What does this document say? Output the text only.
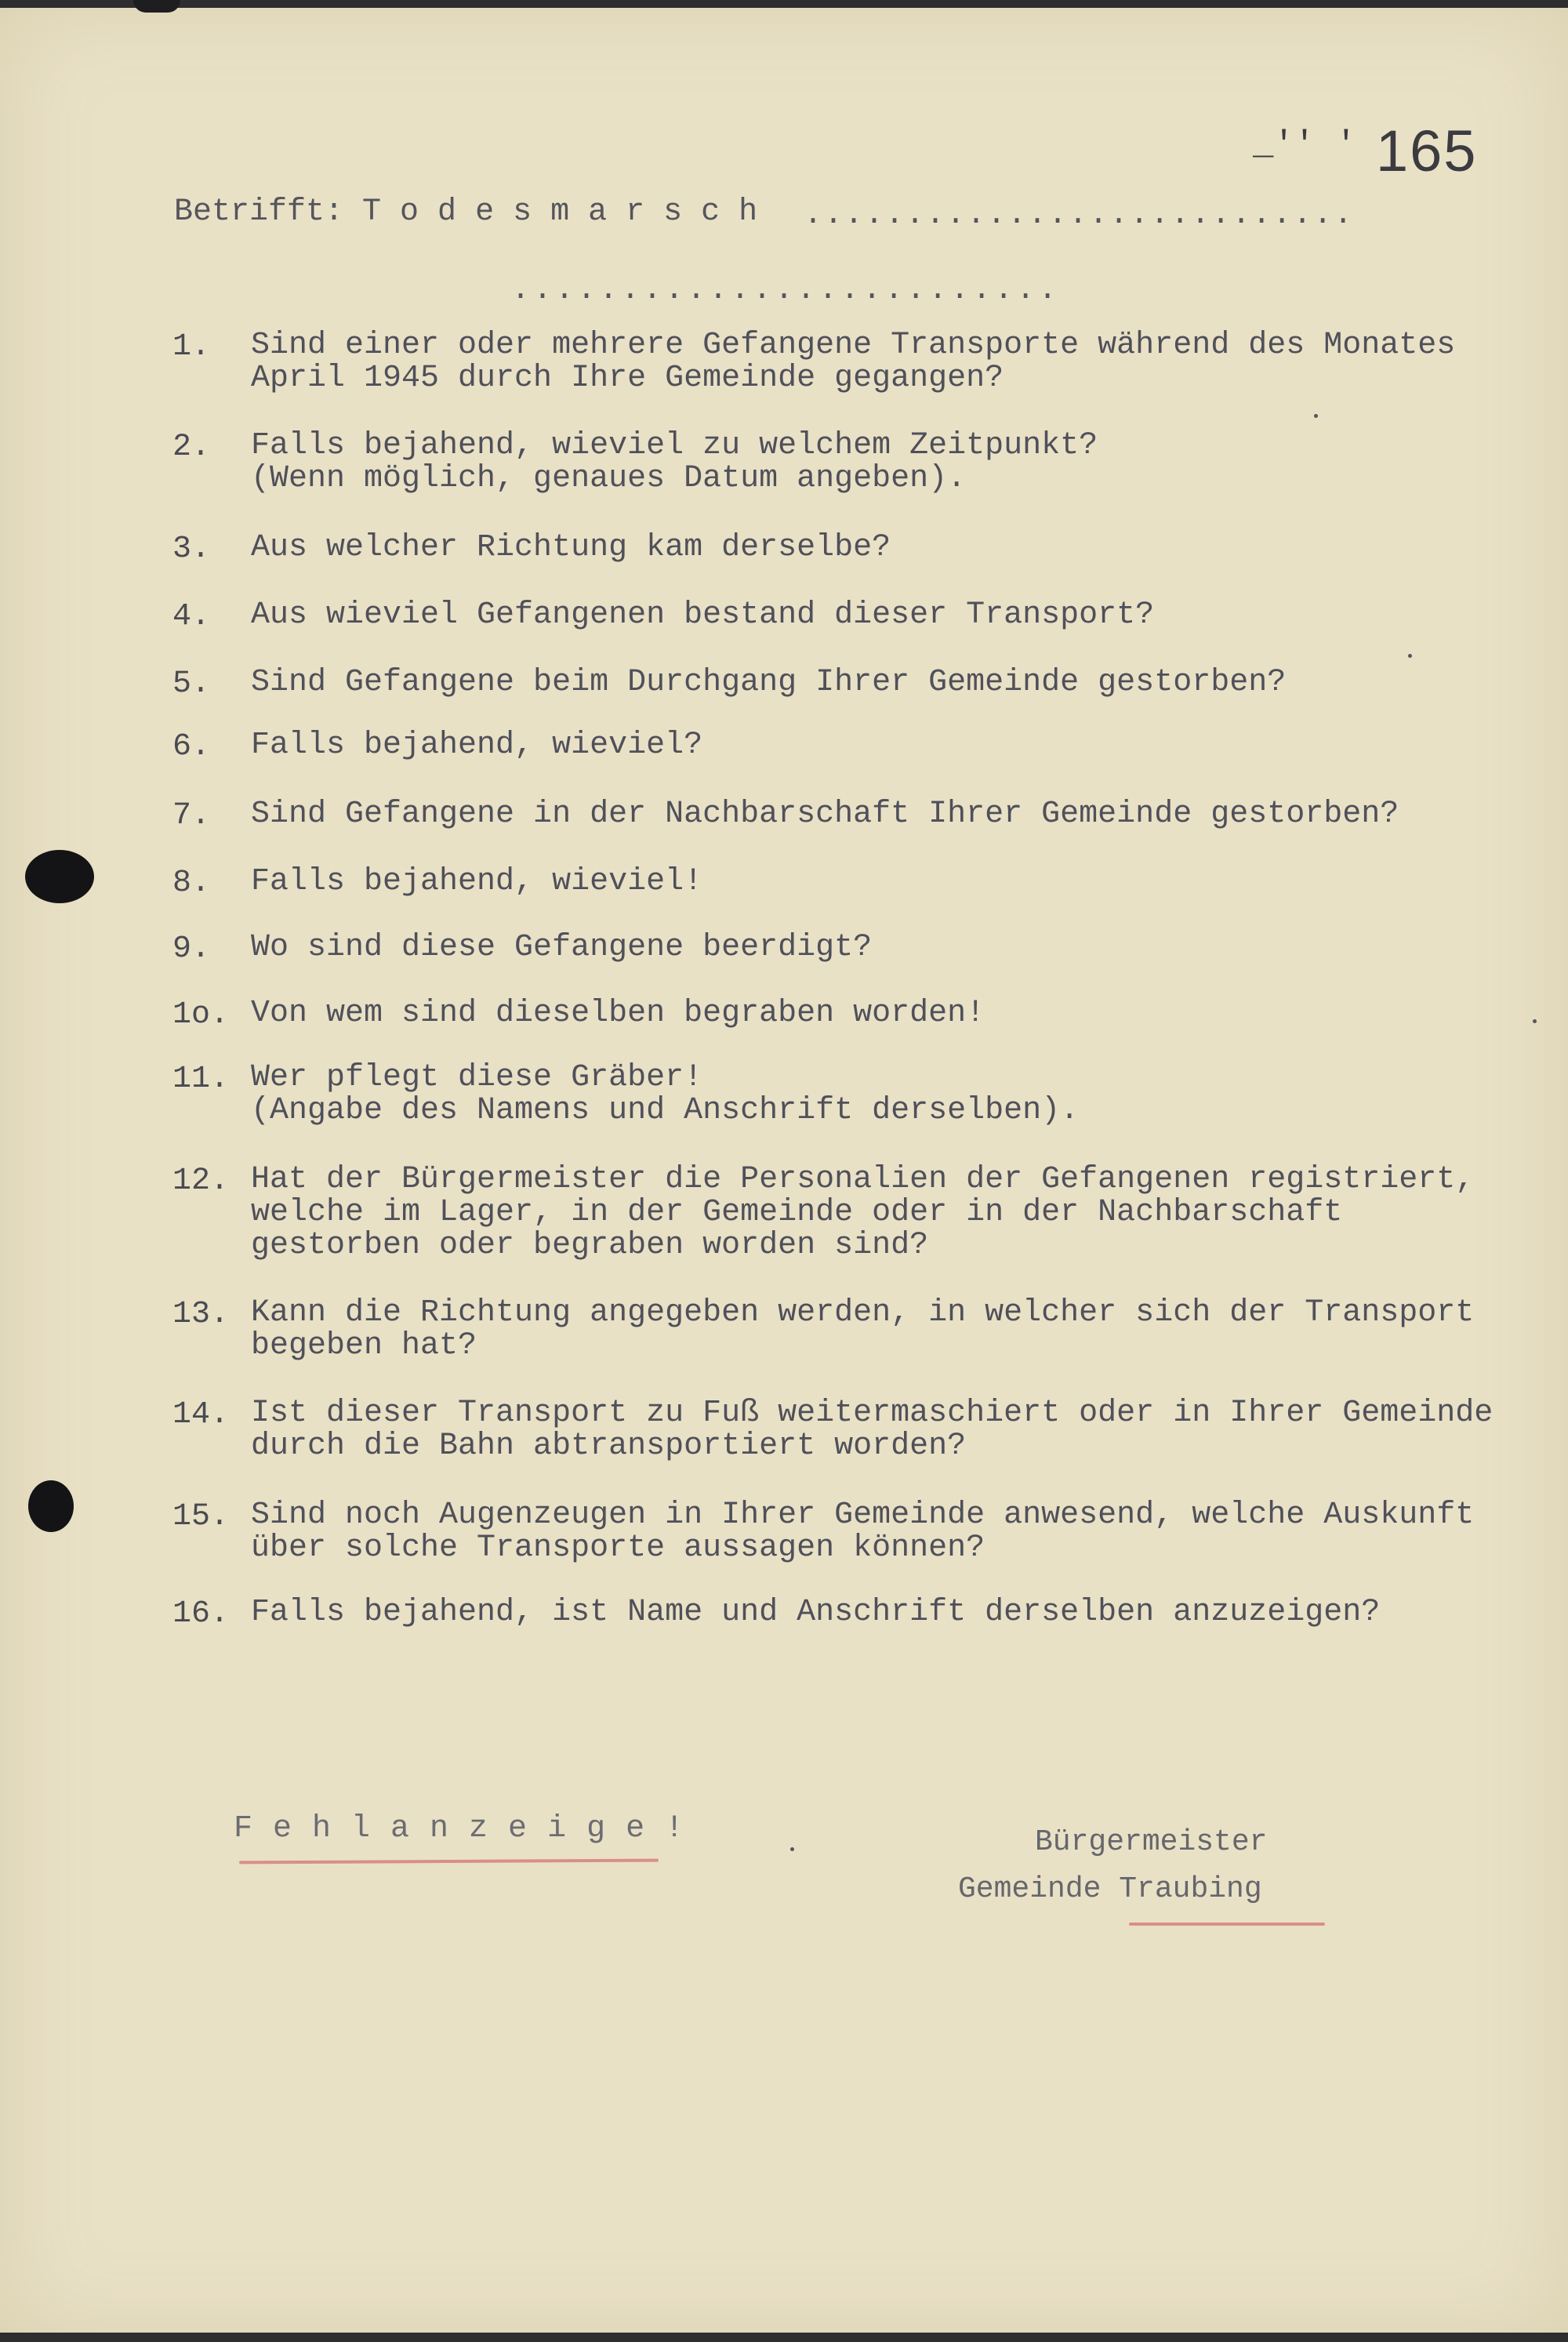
_'' ' 165
Betrifft: T o d e s m a r s c h ...........................
.........................
1. Sind einer oder mehrere Gefangene Transporte während des Monates
April 1945 durch Ihre Gemeinde gegangen?
2. Falls bejahend, wieviel zu welchem Zeitpunkt?
(Wenn möglich, genaues Datum angeben).
3. Aus welcher Richtung kam derselbe?
4. Aus wieviel Gefangenen bestand dieser Transport?
5. Sind Gefangene beim Durchgang Ihrer Gemeinde gestorben?
6. Falls bejahend, wieviel?
7. Sind Gefangene in der Nachbarschaft Ihrer Gemeinde gestorben?
8. Falls bejahend, wieviel!
9. Wo sind diese Gefangene beerdigt?
1o. Von wem sind dieselben begraben worden!
11. Wer pflegt diese Gräber!
(Angabe des Namens und Anschrift derselben).
12. Hat der Bürgermeister die Personalien der Gefangenen registriert,
welche im Lager, in der Gemeinde oder in der Nachbarschaft
gestorben oder begraben worden sind?
13. Kann die Richtung angegeben werden, in welcher sich der Transport
begeben hat?
14. Ist dieser Transport zu Fuß weitermaschiert oder in Ihrer Gemeinde
durch die Bahn abtransportiert worden?
15. Sind noch Augenzeugen in Ihrer Gemeinde anwesend, welche Auskunft
über solche Transporte aussagen können?
16. Falls bejahend, ist Name und Anschrift derselben anzuzeigen?
F e h l a n z e i g e !	Bürgermeister
Gemeinde Traubing
